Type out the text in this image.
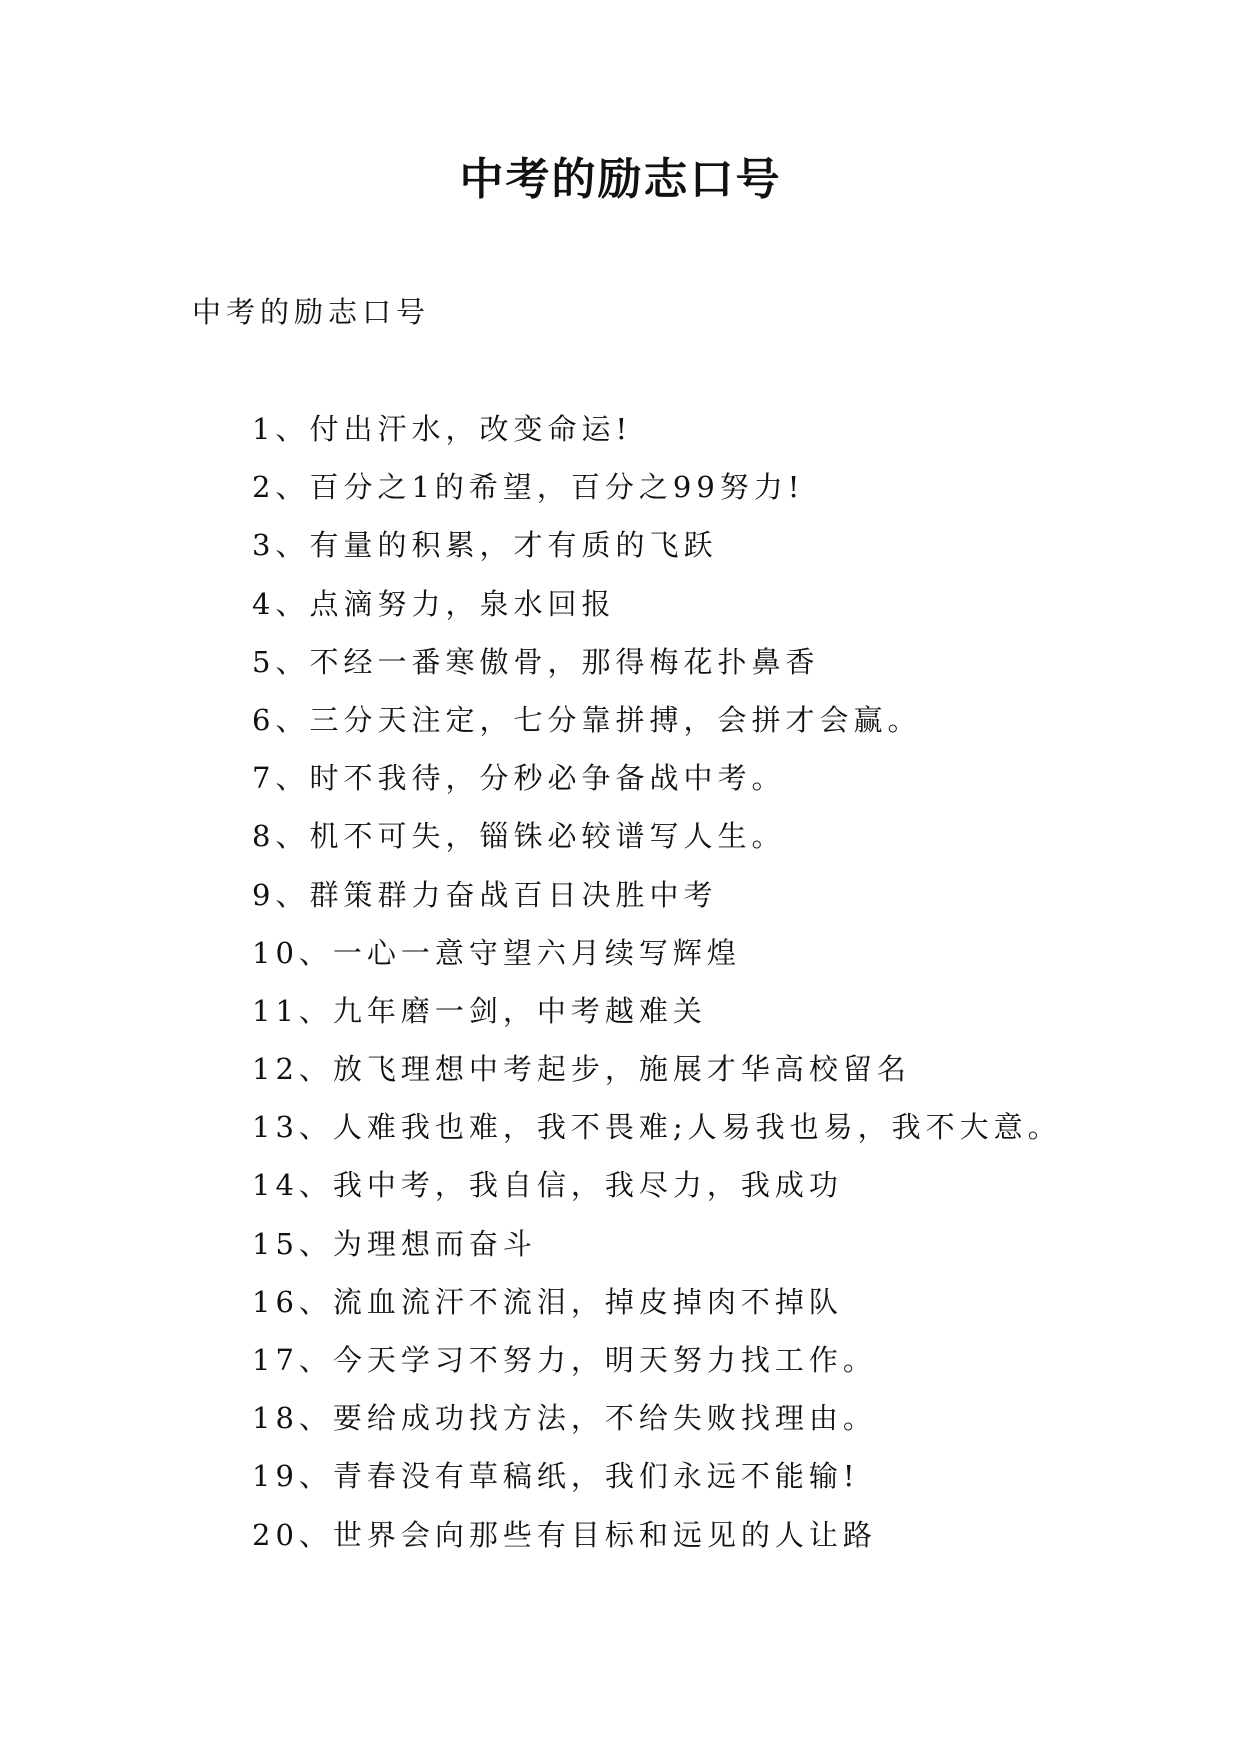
中考的励志口号

中考的励志口号

1、付出汗水，改变命运!
2、百分之1的希望，百分之99努力!
3、有量的积累，才有质的飞跃
4、点滴努力，泉水回报
5、不经一番寒傲骨，那得梅花扑鼻香
6、三分天注定，七分靠拼搏，会拼才会赢。
7、时不我待，分秒必争备战中考。
8、机不可失，锱铢必较谱写人生。
9、群策群力奋战百日决胜中考
10、一心一意守望六月续写辉煌
11、九年磨一剑，中考越难关
12、放飞理想中考起步，施展才华高校留名
13、人难我也难，我不畏难;人易我也易，我不大意。
14、我中考，我自信，我尽力，我成功
15、为理想而奋斗
16、流血流汗不流泪，掉皮掉肉不掉队
17、今天学习不努力，明天努力找工作。
18、要给成功找方法，不给失败找理由。
19、青春没有草稿纸，我们永远不能输!
20、世界会向那些有目标和远见的人让路
